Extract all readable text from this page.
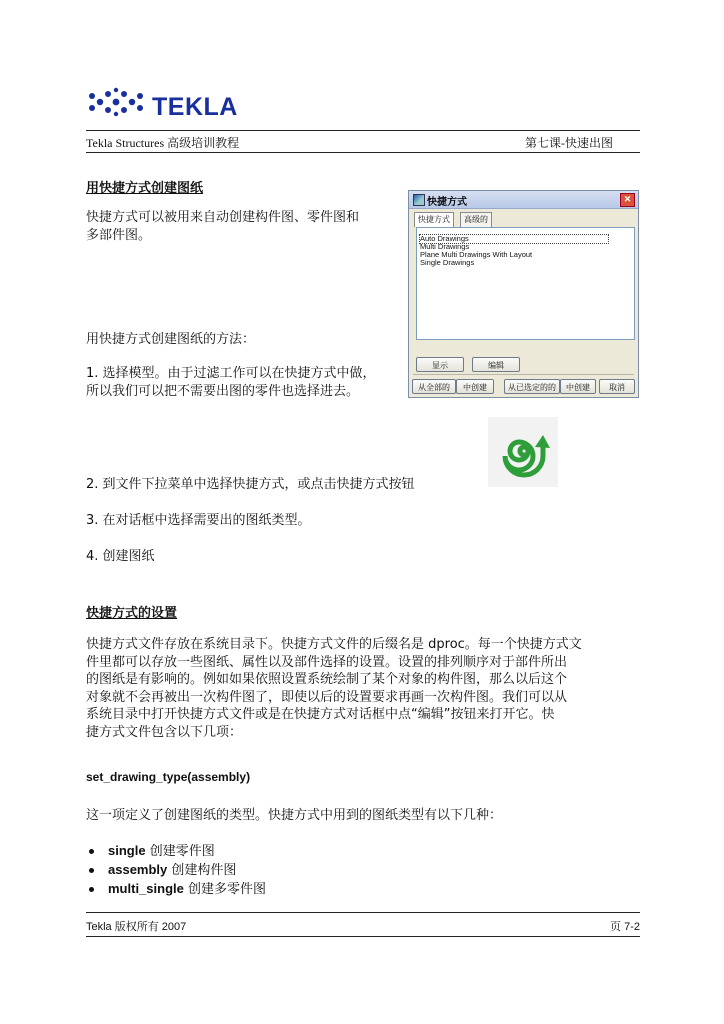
TEKLA
Tekla Structures 高级培训教程	第七课-快速出图
用快捷方式创建图纸
快捷方式可以被用来自动创建构件图、零件图和
多部件图。
用快捷方式创建图纸的方法：
1. 选择模型。由于过滤工作可以在快捷方式中做，
所以我们可以把不需要出图的零件也选择进去。
快捷方式	✕
快捷方式	高级的
Auto Drawings
Multi Drawings
Plane Multi Drawings With Layout
Single Drawings
显示	编辑
从全部的	中创建	从已选定的的	中创建	取消
2. 到文件下拉菜单中选择快捷方式，或点击快捷方式按钮
3. 在对话框中选择需要出的图纸类型。
4. 创建图纸
快捷方式的设置
快捷方式文件存放在系统目录下。快捷方式文件的后缀名是 dproc。每一个快捷方式文
件里都可以存放一些图纸、属性以及部件选择的设置。设置的排列顺序对于部件所出
的图纸是有影响的。例如如果依照设置系统绘制了某个对象的构件图，那么以后这个
对象就不会再被出一次构件图了，即使以后的设置要求再画一次构件图。我们可以从
系统目录中打开快捷方式文件或是在快捷方式对话框中点“编辑”按钮来打开它。快
捷方式文件包含以下几项：
set_drawing_type(assembly)
这一项定义了创建图纸的类型。快捷方式中用到的图纸类型有以下几种：
single 创建零件图
assembly 创建构件图
multi_single 创建多零件图
Tekla 版权所有 2007	页 7-2
